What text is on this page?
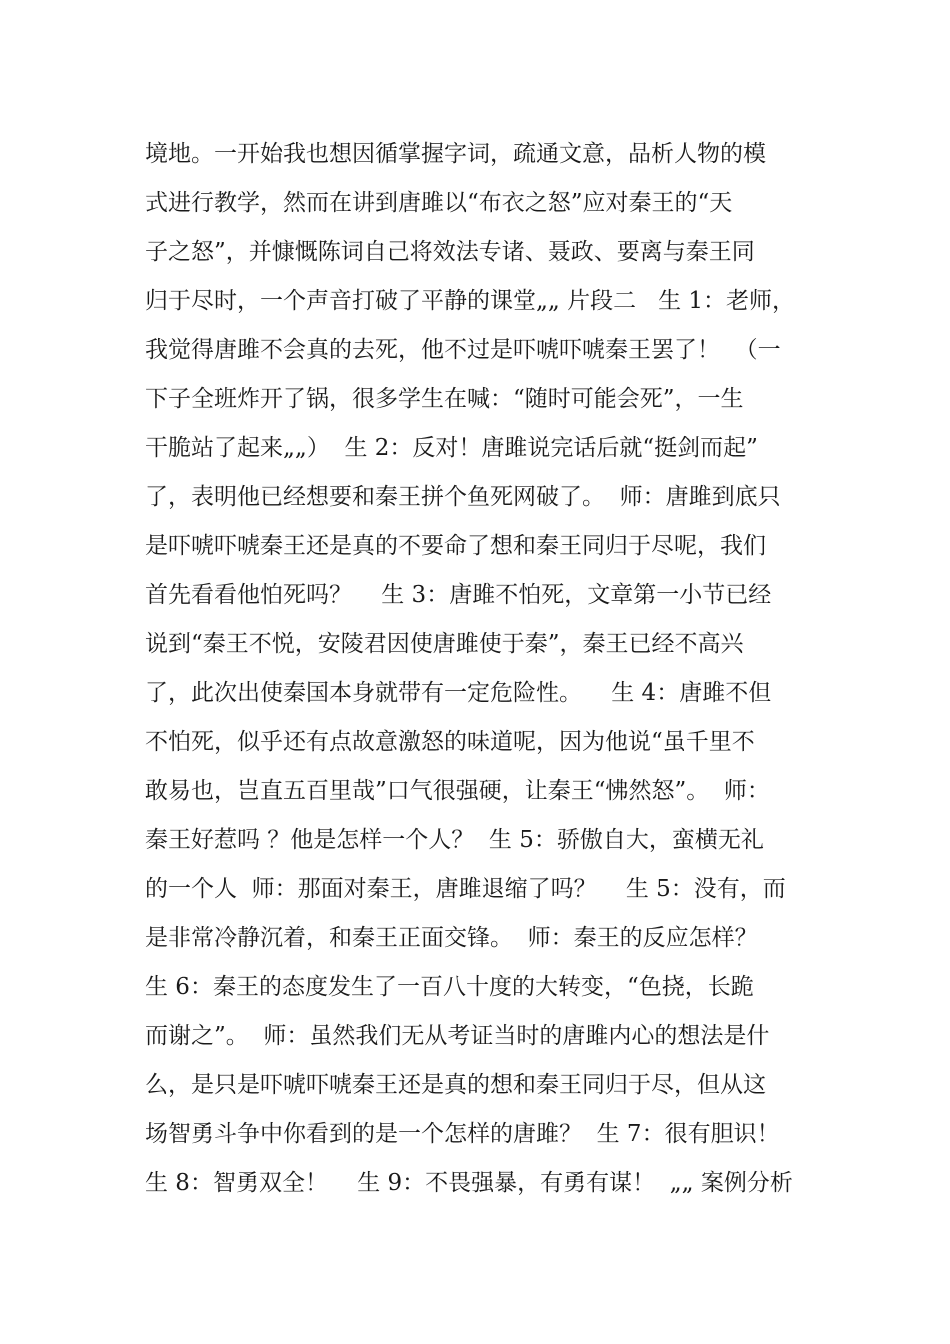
境地。一开始我也想因循掌握字词，疏通文意，品析人物的模
式进行教学，然而在讲到唐雎以“布衣之怒”应对秦王的“天
子之怒”，并慷慨陈词自己将效法专诸、聂政、要离与秦王同
归于尽时，一个声音打破了平静的课堂„„ 片段二   生 1：老师，
我觉得唐雎不会真的去死，他不过是吓唬吓唬秦王罢了！  （一
下子全班炸开了锅，很多学生在喊：“随时可能会死”，一生
干脆站了起来„„）  生 2：反对！唐雎说完话后就“挺剑而起”
了，表明他已经想要和秦王拼个鱼死网破了。  师：唐雎到底只
是吓唬吓唬秦王还是真的不要命了想和秦王同归于尽呢，我们
首先看看他怕死吗？    生 3：唐雎不怕死，文章第一小节已经
说到“秦王不悦，安陵君因使唐雎使于秦”，秦王已经不高兴
了，此次出使秦国本身就带有一定危险性。    生 4：唐雎不但
不怕死，似乎还有点故意激怒的味道呢，因为他说“虽千里不
敢易也，岂直五百里哉”口气很强硬，让秦王“怫然怒”。  师：
秦王好惹吗 ？他是怎样一个人？  生 5：骄傲自大，蛮横无礼
的一个人  师：那面对秦王，唐雎退缩了吗？    生 5：没有，而
是非常冷静沉着，和秦王正面交锋。  师：秦王的反应怎样？
生 6：秦王的态度发生了一百八十度的大转变，“色挠，长跪
而谢之”。  师：虽然我们无从考证当时的唐雎内心的想法是什
么，是只是吓唬吓唬秦王还是真的想和秦王同归于尽，但从这
场智勇斗争中你看到的是一个怎样的唐雎？  生 7：很有胆识！
生 8：智勇双全！    生 9：不畏强暴，有勇有谋！  „„ 案例分析
